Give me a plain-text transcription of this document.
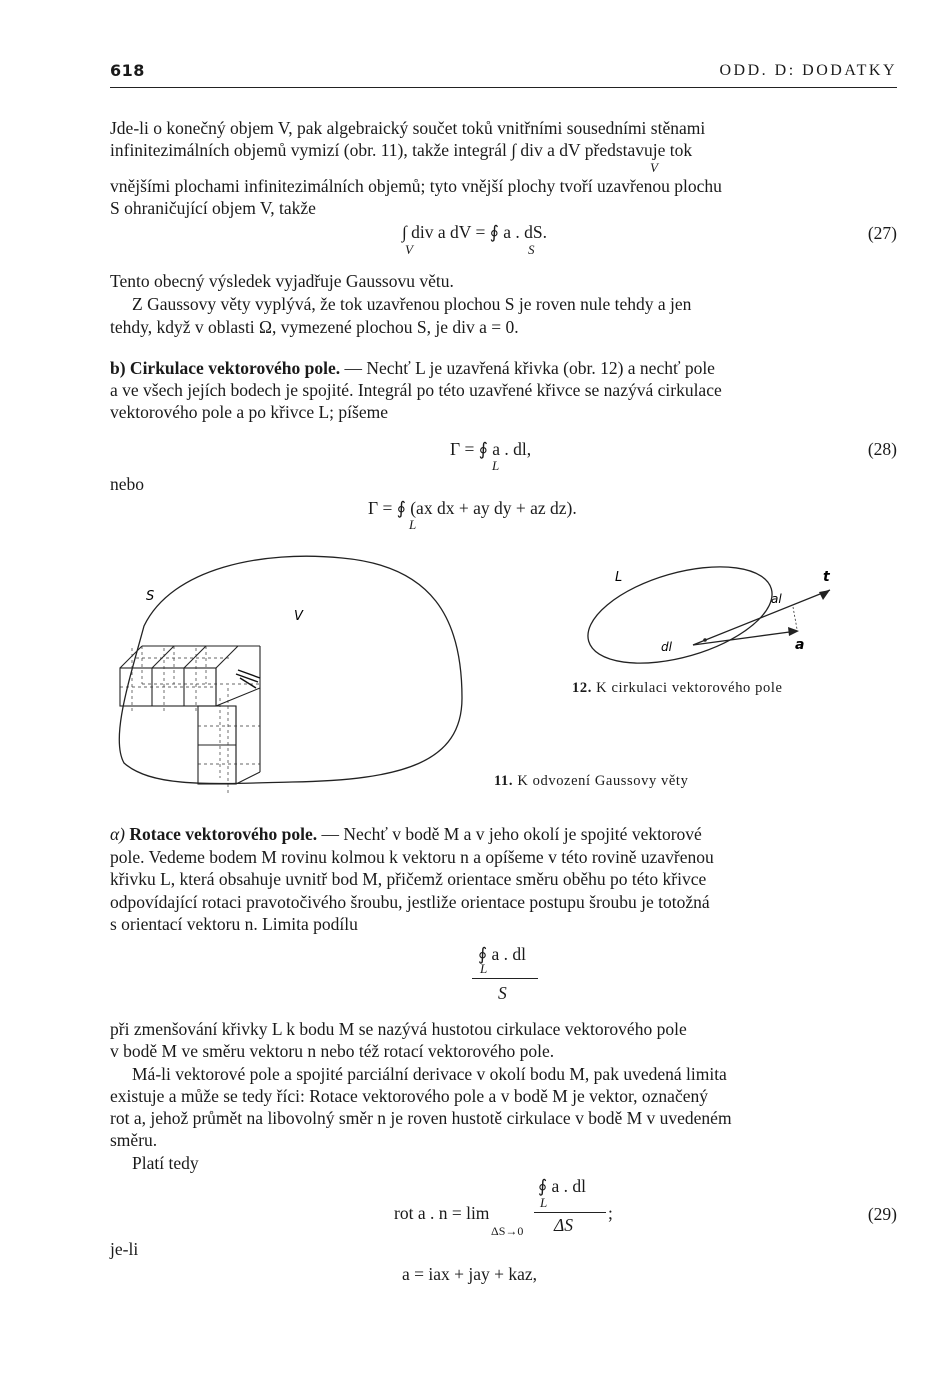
618	ODD. D: DODATKY
Jde-li o konečný objem V, pak algebraický součet toků vnitřními sousedními stěnami
infinitezimálních objemů vymizí (obr. 11), takže integrál ∫ div a dV představuje tok
V
vnějšími plochami infinitezimálních objemů; tyto vnější plochy tvoří uzavřenou plochu
S ohraničující objem V, takže
∫ div a dV = ∮ a . dS.
V	S
(27)
Tento obecný výsledek vyjadřuje Gaussovu větu.
Z Gaussovy věty vyplývá, že tok uzavřenou plochou S je roven nule tehdy a jen
tehdy, když v oblasti Ω, vymezené plochou S, je div a = 0.
b) Cirkulace vektorového pole. — Nechť L je uzavřená křivka (obr. 12) a nechť pole
a ve všech jejích bodech je spojité. Integrál po této uzavřené křivce se nazývá cirkulace
vektorového pole a po křivce L; píšeme
Γ = ∮ a . dl,
L
(28)
nebo
Γ = ∮ (ax dx + ay dy + az dz).
L
S
V
11. K odvození Gaussovy věty
L	t
al
a
dl
12. K cirkulaci vektorového pole
α) Rotace vektorového pole. — Nechť v bodě M a v jeho okolí je spojité vektorové
pole. Vedeme bodem M rovinu kolmou k vektoru n a opíšeme v této rovině uzavřenou
křivku L, která obsahuje uvnitř bod M, přičemž orientace směru oběhu po této křivce
odpovídající rotaci pravotočivého šroubu, jestliže orientace postupu šroubu je totožná
s orientací vektoru n. Limita podílu
∮ a . dl
L
S
při zmenšování křivky L k bodu M se nazývá hustotou cirkulace vektorového pole
v bodě M ve směru vektoru n nebo též rotací vektorového pole.
Má-li vektorové pole a spojité parciální derivace v okolí bodu M, pak uvedená limita
existuje a může se tedy říci: Rotace vektorového pole a v bodě M je vektor, označený
rot a, jehož průmět na libovolný směr n je roven hustotě cirkulace v bodě M v uvedeném
směru.
Platí tedy
∮ a . dl
L
ΔS
rot a . n = lim
ΔS→0
;	(29)
je-li
a = iax + jay + kaz,
